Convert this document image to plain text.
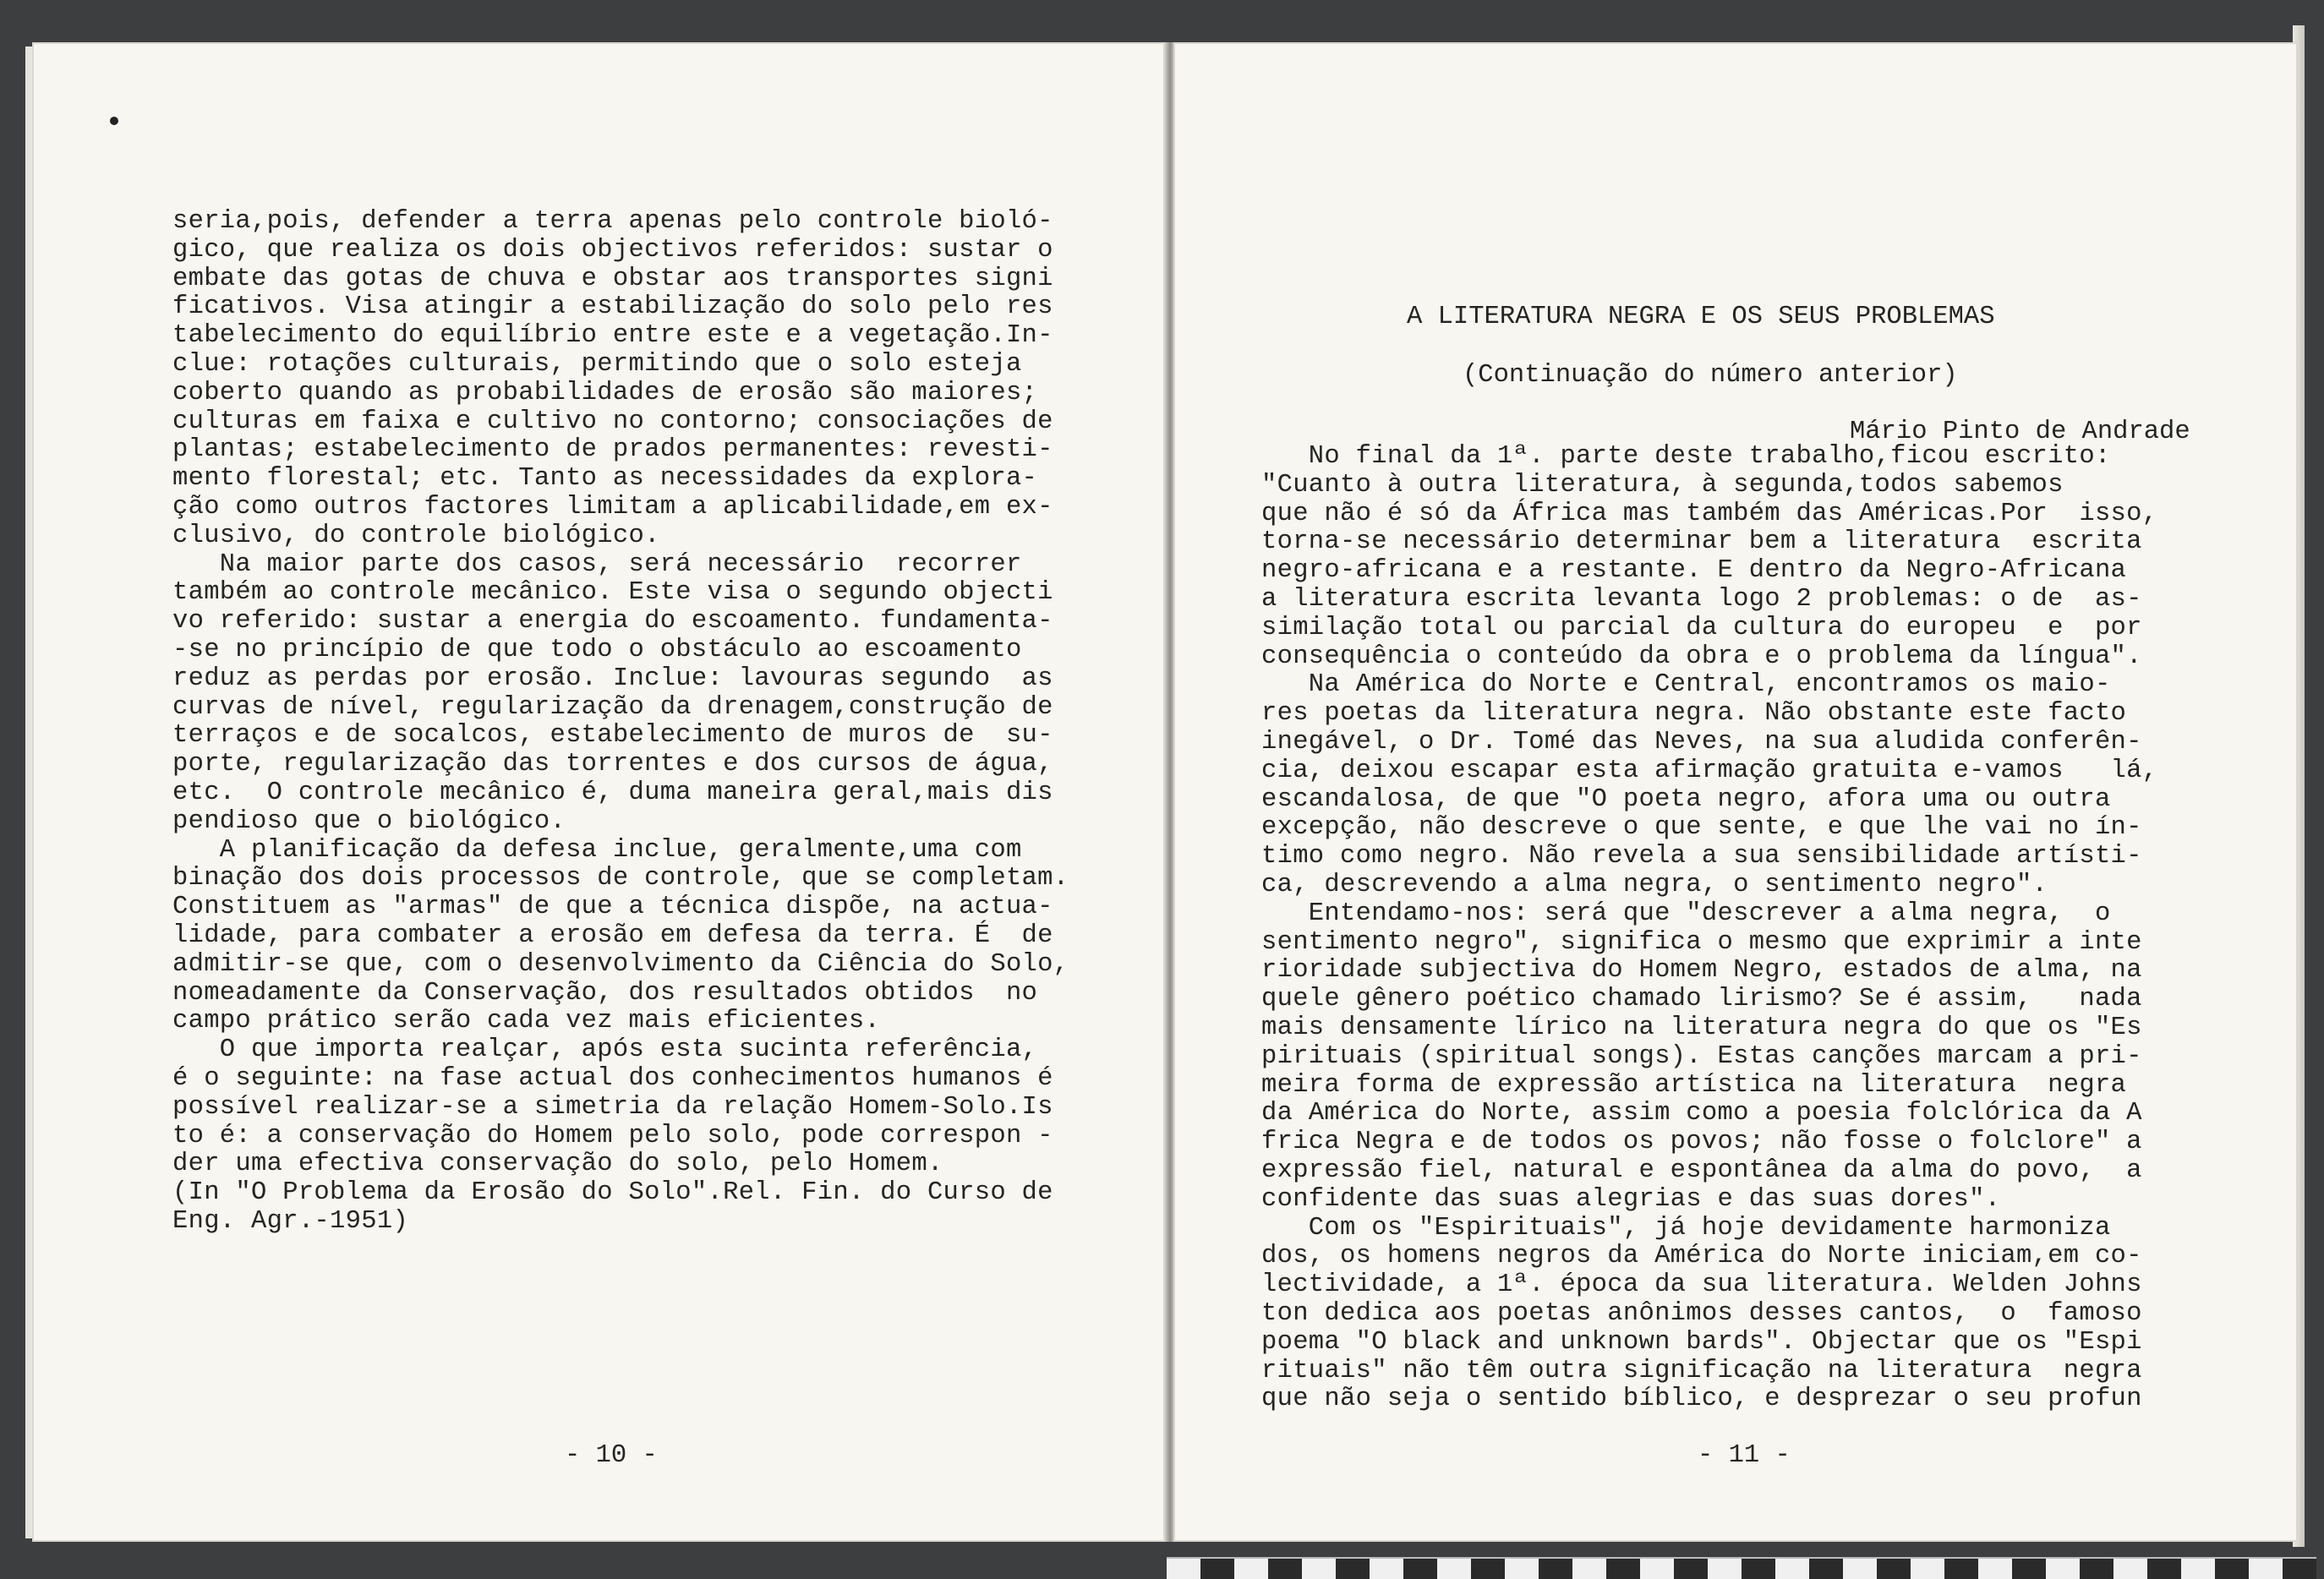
seria,pois, defender a terra apenas pelo controle bioló-
gico, que realiza os dois objectivos referidos: sustar o
embate das gotas de chuva e obstar aos transportes signi
ficativos. Visa atingir a estabilização do solo pelo res
tabelecimento do equilíbrio entre este e a vegetação.In-
clue: rotações culturais, permitindo que o solo esteja
coberto quando as probabilidades de erosão são maiores;
culturas em faixa e cultivo no contorno; consociações de
plantas; estabelecimento de prados permanentes: revesti-
mento florestal; etc. Tanto as necessidades da explora-
ção como outros factores limitam a aplicabilidade,em ex-
clusivo, do controle biológico.
Na maior parte dos casos, será necessário  recorrer
também ao controle mecânico. Este visa o segundo objecti
vo referido: sustar a energia do escoamento. fundamenta-
-se no princípio de que todo o obstáculo ao escoamento
reduz as perdas por erosão. Inclue: lavouras segundo  as
curvas de nível, regularização da drenagem,construção de
terraços e de socalcos, estabelecimento de muros de  su-
porte, regularização das torrentes e dos cursos de água,
etc.  O controle mecânico é, duma maneira geral,mais dis
pendioso que o biológico.
A planificação da defesa inclue, geralmente,uma com
binação dos dois processos de controle, que se completam.
Constituem as "armas" de que a técnica dispõe, na actua-
lidade, para combater a erosão em defesa da terra. É  de
admitir-se que, com o desenvolvimento da Ciência do Solo,
nomeadamente da Conservação, dos resultados obtidos  no
campo prático serão cada vez mais eficientes.
O que importa realçar, após esta sucinta referência,
é o seguinte: na fase actual dos conhecimentos humanos é
possível realizar-se a simetria da relação Homem-Solo.Is
to é: a conservação do Homem pelo solo, pode correspon -
der uma efectiva conservação do solo, pelo Homem.
(In "O Problema da Erosão do Solo".Rel. Fin. do Curso de
Eng. Agr.-1951)
- 10 -
A LITERATURA NEGRA E OS SEUS PROBLEMAS
(Continuação do número anterior)
Mário Pinto de Andrade
No final da 1ª. parte deste trabalho,ficou escrito:
"Cuanto à outra literatura, à segunda,todos sabemos
que não é só da África mas também das Américas.Por  isso,
torna-se necessário determinar bem a literatura  escrita
negro-africana e a restante. E dentro da Negro-Africana
a literatura escrita levanta logo 2 problemas: o de  as-
similação total ou parcial da cultura do europeu  e  por
consequência o conteúdo da obra e o problema da língua".
Na América do Norte e Central, encontramos os maio-
res poetas da literatura negra. Não obstante este facto
inegável, o Dr. Tomé das Neves, na sua aludida conferên-
cia, deixou escapar esta afirmação gratuita e-vamos   lá,
escandalosa, de que "O poeta negro, afora uma ou outra
excepção, não descreve o que sente, e que lhe vai no ín-
timo como negro. Não revela a sua sensibilidade artísti-
ca, descrevendo a alma negra, o sentimento negro".
Entendamo-nos: será que "descrever a alma negra,  o
sentimento negro", significa o mesmo que exprimir a inte
rioridade subjectiva do Homem Negro, estados de alma, na
quele gênero poético chamado lirismo? Se é assim,   nada
mais densamente lírico na literatura negra do que os "Es
pirituais (spiritual songs). Estas canções marcam a pri-
meira forma de expressão artística na literatura  negra
da América do Norte, assim como a poesia folclórica da A
frica Negra e de todos os povos; não fosse o folclore" a
expressão fiel, natural e espontânea da alma do povo,  a
confidente das suas alegrias e das suas dores".
Com os "Espirituais", já hoje devidamente harmoniza
dos, os homens negros da América do Norte iniciam,em co-
lectividade, a 1ª. época da sua literatura. Welden Johns
ton dedica aos poetas anônimos desses cantos,  o  famoso
poema "O black and unknown bards". Objectar que os "Espi
rituais" não têm outra significação na literatura  negra
que não seja o sentido bíblico, e desprezar o seu profun
- 11 -
